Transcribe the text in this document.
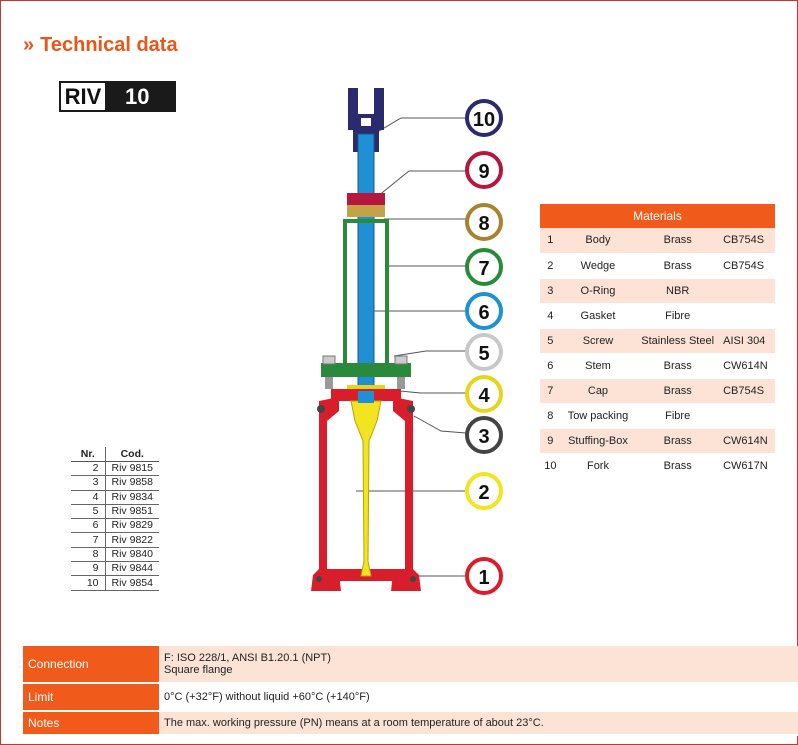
» Technical data
RIV 10
Nr.	Cod.
2	Riv 9815
3	Riv 9858
4	Riv 9834
5	Riv 9851
6	Riv 9829
7	Riv 9822
8	Riv 9840
9	Riv 9844
10	Riv 9854
10
9
8
7
6
5
4
3
2
1
Materials			
1	Body	Brass	CB754S
2	Wedge	Brass	CB754S
3	O-Ring	NBR	
4	Gasket	Fibre	
5	Screw	Stainless Steel	AISI 304
6	Stem	Brass	CW614N
7	Cap	Brass	CB754S
8	Tow packing	Fibre	
9	Stuffing-Box	Brass	CW614N
10	Fork	Brass	CW617N
Connection	F: ISO 228/1, ANSI B1.20.1 (NPT)
Square flange

Limit	0°C (+32°F) without liquid +60°C (+140°F)
Notes	The max. working pressure (PN) means at a room temperature of about 23°C.
